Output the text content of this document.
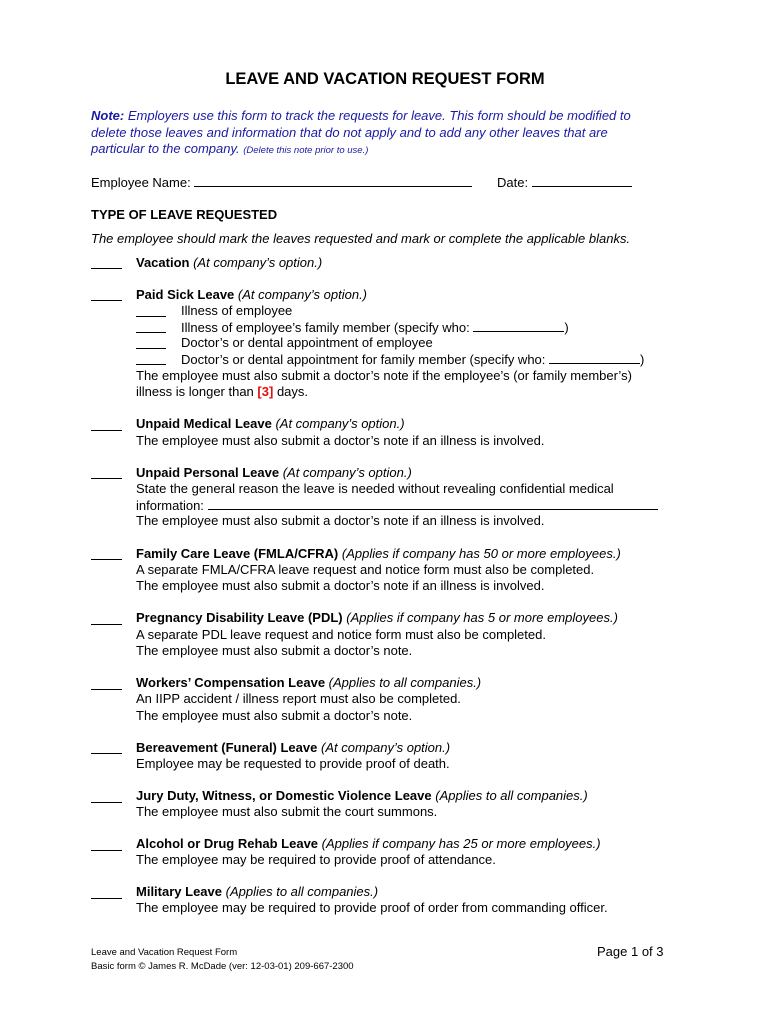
LEAVE AND VACATION REQUEST FORM
Note: Employers use this form to track the requests for leave. This form should be modified to
delete those leaves and information that do not apply and to add any other leaves that are
particular to the company. (Delete this note prior to use.)
Employee Name:	Date:
TYPE OF LEAVE REQUESTED
The employee should mark the leaves requested and mark or complete the applicable blanks.
Vacation (At company’s option.)
Paid Sick Leave (At company’s option.)
Illness of employee
Illness of employee’s family member (specify who:	)
Doctor’s or dental appointment of employee
Doctor’s or dental appointment for family member (specify who:	)
The employee must also submit a doctor’s note if the employee’s (or family member’s)
illness is longer than [3] days.
Unpaid Medical Leave (At company’s option.)
The employee must also submit a doctor’s note if an illness is involved.
Unpaid Personal Leave (At company’s option.)
State the general reason the leave is needed without revealing confidential medical
information:
The employee must also submit a doctor’s note if an illness is involved.
Family Care Leave (FMLA/CFRA) (Applies if company has 50 or more employees.)
A separate FMLA/CFRA leave request and notice form must also be completed.
The employee must also submit a doctor’s note if an illness is involved.
Pregnancy Disability Leave (PDL) (Applies if company has 5 or more employees.)
A separate PDL leave request and notice form must also be completed.
The employee must also submit a doctor’s note.
Workers’ Compensation Leave (Applies to all companies.)
An IIPP accident / illness report must also be completed.
The employee must also submit a doctor’s note.
Bereavement (Funeral) Leave (At company’s option.)
Employee may be requested to provide proof of death.
Jury Duty, Witness, or Domestic Violence Leave (Applies to all companies.)
The employee must also submit the court summons.
Alcohol or Drug Rehab Leave (Applies if company has 25 or more employees.)
The employee may be required to provide proof of attendance.
Military Leave (Applies to all companies.)
The employee may be required to provide proof of order from commanding officer.
Leave and Vacation Request Form
Basic form © James R. McDade (ver: 12-03-01) 209-667-2300
Page 1 of 3
